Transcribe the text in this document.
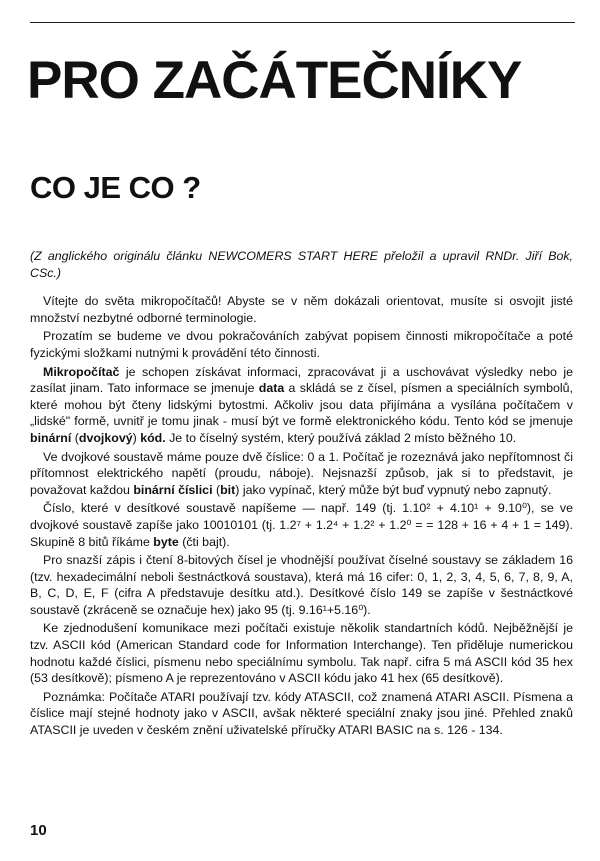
PRO ZAČÁTEČNÍKY
CO JE CO ?

(Z anglického originálu článku NEWCOMERS START HERE přeložil a upravil RNDr. Jiří Bok, CSc.)

Vítejte do světa mikropočítačů! Abyste se v něm dokázali orientovat, musíte si osvojit jisté množství nezbytné odborné terminologie.

Prozatím se budeme ve dvou pokračováních zabývat popisem činnosti mikropočítače a poté fyzickými složkami nutnými k provádění této činnosti.

Mikropočítač je schopen získávat informaci, zpracovávat ji a uschovávat výsledky nebo je zasílat jinam. Tato informace se jmenuje data a skládá se z čísel, písmen a speciálních symbolů, které mohou být čteny lidskými bytostmi. Ačkoliv jsou data přijímána a vysílána počítačem v „lidské" formě, uvnitř je tomu jinak - musí být ve formě elektronického kódu. Tento kód se jmenuje binární (dvojkový) kód. Je to číselný systém, který používá základ 2 místo běžného 10.

Ve dvojkové soustavě máme pouze dvě číslice: 0 a 1. Počítač je rozeznává jako nepřítomnost či přítomnost elektrického napětí (proudu, náboje). Nejsnazší způsob, jak si to představit, je považovat každou binární číslici (bit) jako vypínač, který může být buď vypnutý nebo zapnutý.

Číslo, které v desítkové soustavě napíšeme — např. 149 (tj. 1.10² + 4.10¹ + 9.10⁰), se ve dvojkové soustavě zapíše jako 10010101 (tj. 1.2⁷ + 1.2⁴ + 1.2² + 1.2⁰ = = 128 + 16 + 4 + 1 = 149). Skupině 8 bitů říkáme byte (čti bajt).

Pro snazší zápis i čtení 8-bitových čísel je vhodnější používat číselné soustavy se základem 16 (tzv. hexadecimální neboli šestnáctková soustava), která má 16 cifer: 0, 1, 2, 3, 4, 5, 6, 7, 8, 9, A, B, C, D, E, F (cifra A představuje desítku atd.). Desítkové číslo 149 se zapíše v šestnáctkové soustavě (zkráceně se označuje hex) jako 95 (tj. 9.16¹+5.16⁰).

Ke zjednodušení komunikace mezi počítači existuje několik standartních kódů. Nejběžnější je tzv. ASCII kód (American Standard code for Information Interchange). Ten přiděluje numerickou hodnotu každé číslici, písmenu nebo speciálnímu symbolu. Tak např. cifra 5 má ASCII kód 35 hex (53 desítkově); písmeno A je reprezentováno v ASCII kódu jako 41 hex (65 desítkově).

Poznámka: Počítače ATARI používají tzv. kódy ATASCII, což znamená ATARI ASCII. Písmena a číslice mají stejné hodnoty jako v ASCII, avšak některé speciální znaky jsou jiné. Přehled znaků ATASCII je uveden v českém znění uživatelské příručky ATARI BASIC na s. 126 - 134.

10
